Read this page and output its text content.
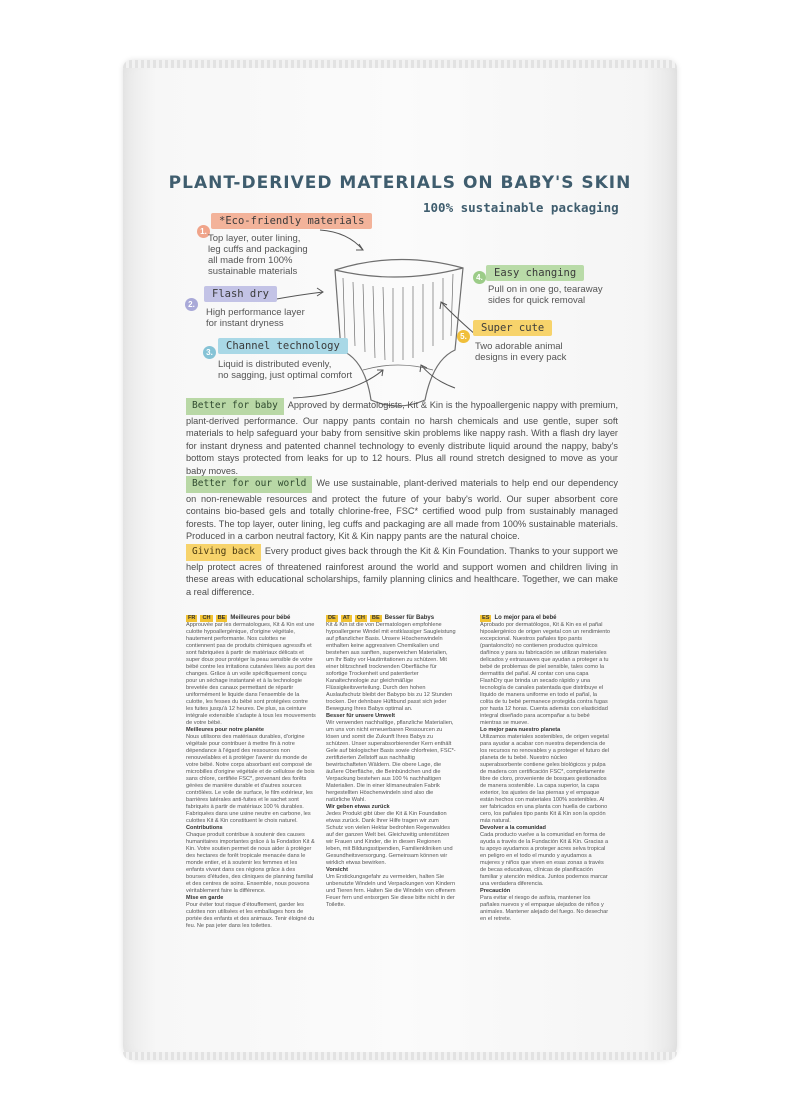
PLANT-DERIVED MATERIALS ON BABY'S SKIN
100% sustainable packaging
1.
*Eco-friendly materials
Top layer, outer lining,
leg cuffs and packaging
all made from 100%
sustainable materials
2.
Flash dry
High performance layer
for instant dryness
3.
Channel technology
Liquid is distributed evenly,
no sagging, just optimal comfort
4.	Easy changing
Pull on in one go, tearaway
sides for quick removal
5.
Super cute
Two adorable animal
designs in every pack
Better for baby Approved by dermatologists, Kit & Kin is the hypoallergenic nappy with premium, plant-derived performance. Our nappy pants contain no harsh chemicals and use gentle, super soft materials to help safeguard your baby from sensitive skin problems like nappy rash. With a flash dry layer for instant dryness and patented channel technology to evenly distribute liquid around the nappy, baby's bottom stays protected from leaks for up to 12 hours. Plus all round stretch designed to move as your baby moves.
Better for our world We use sustainable, plant-derived materials to help end our dependency on non-renewable resources and protect the future of your baby's world. Our super absorbent core contains bio-based gels and totally chlorine-free, FSC* certified wood pulp from sustainably managed forests. The top layer, outer lining, leg cuffs and packaging are all made from 100% sustainable materials. Produced in a carbon neutral factory, Kit & Kin nappy pants are the natural choice.
Giving back Every product gives back through the Kit & Kin Foundation. Thanks to your support we help protect acres of threatened rainforest around the world and support women and children living in these areas with educational scholarships, family planning clinics and healthcare. Together, we can make a real difference.
FR CH BE Meilleures pour bébé
Approuvée par les dermatologues, Kit & Kin est une culotte hypoallergénique, d'origine végétale, hautement performante. Nos culottes ne contiennent pas de produits chimiques agressifs et sont fabriquées à partir de matériaux délicats et super doux pour protéger la peau sensible de votre bébé contre les irritations cutanées liées au port des changes. Grâce à un voile spécifiquement conçu pour un séchage instantané et à la technologie brevetée des canaux permettant de répartir uniformément le liquide dans l'ensemble de la culotte, les fesses du bébé sont protégées contre les fuites jusqu'à 12 heures. De plus, sa ceinture intégrale extensible s'adapte à tous les mouvements de votre bébé.
Meilleures pour notre planète
Nous utilisons des matériaux durables, d'origine végétale pour contribuer à mettre fin à notre dépendance à l'égard des ressources non renouvelables et à protéger l'avenir du monde de votre bébé. Notre corps absorbant est composé de microbilles d'origine végétale et de cellulose de bois sans chlore, certifiée FSC*, provenant des forêts gérées de manière durable et d'autres sources contrôlées. Le voile de surface, le film extérieur, les barrières latérales anti-fuites et le sachet sont fabriqués à partir de matériaux 100 % durables. Fabriquées dans une usine neutre en carbone, les culottes Kit & Kin constituent le choix naturel.
Contributions
Chaque produit contribue à soutenir des causes humanitaires importantes grâce à la Fondation Kit & Kin. Votre soutien permet de nous aider à protéger des hectares de forêt tropicale menacée dans le monde entier, et à soutenir les femmes et les enfants vivant dans ces régions grâce à des bourses d'études, des cliniques de planning familial et des centres de soins. Ensemble, nous pouvons véritablement faire la différence.
Mise en garde
Pour éviter tout risque d'étouffement, garder les culottes non utilisées et les emballages hors de portée des enfants et des animaux. Tenir éloigné du feu. Ne pas jeter dans les toilettes.
DE AT CH BE Besser für Babys
Kit & Kin ist die von Dermatologen empfohlene hypoallergene Windel mit erstklassiger Saugleistung auf pflanzlicher Basis. Unsere Höschenwindeln enthalten keine aggressiven Chemikalien und bestehen aus sanften, superweichen Materialien, um Ihr Baby vor Hautirritationen zu schützen. Mit einer blitzschnell trocknenden Oberfläche für sofortige Trockenheit und patentierter Kanaltechnologie zur gleichmäßige Flüssigkeitsverteilung. Durch den hohen Auslaufschutz bleibt der Babypo bis zu 12 Stunden trocken. Der dehnbare Hüftbund passt sich jeder Bewegung Ihres Babys optimal an.
Besser für unsere Umwelt
Wir verwenden nachhaltige, pflanzliche Materialien, um uns von nicht erneuerbaren Ressourcen zu lösen und somit die Zukunft Ihres Babys zu schützen. Unser superabsorbierender Kern enthält Gele auf biologischer Basis sowie chlorfreien, FSC*-zertifizierten Zellstoff aus nachhaltig bewirtschafteten Wäldern. Die obere Lage, die äußere Oberfläche, die Beinbündchen und die Verpackung bestehen aus 100 % nachhaltigen Materialien. Die in einer klimaneutralen Fabrik hergestellten Höschenwindeln sind also die natürliche Wahl.
Wir geben etwas zurück
Jedes Produkt gibt über die Kit & Kin Foundation etwas zurück. Dank Ihrer Hilfe tragen wir zum Schutz von vielen Hektar bedrohten Regenwaldes auf der ganzen Welt bei. Gleichzeitig unterstützen wir Frauen und Kinder, die in diesen Regionen leben, mit Bildungsstipendien, Familienkliniken und Gesundheitsversorgung. Gemeinsam können wir wirklich etwas bewirken.
Vorsicht
Um Erstickungsgefahr zu vermeiden, halten Sie unbenutzte Windeln und Verpackungen von Kindern und Tieren fern. Halten Sie die Windeln von offenem Feuer fern und entsorgen Sie diese bitte nicht in der Toilette.
ES Lo mejor para el bebé
Aprobado por dermatólogos, Kit & Kin es el pañal hipoalergénico de origen vegetal con un rendimiento excepcional. Nuestros pañales tipo pants (pantaloncito) no contienen productos químicos dañinos y para su fabricación se utilizan materiales delicados y extrasuaves que ayudan a proteger a tu bebé de problemas de piel sensible, tales como la dermatitis del pañal. Al contar con una capa FlashDry que brinda un secado rápido y una tecnología de canales patentada que distribuye el líquido de manera uniforme en todo el pañal, la colita de tu bebé permanece protegida contra fugas por hasta 12 horas. Cuenta además con elasticidad integral diseñado para acompañar a tu bebé mientras se mueve.
Lo mejor para nuestro planeta
Utilizamos materiales sostenibles, de origen vegetal para ayudar a acabar con nuestra dependencia de los recursos no renovables y a proteger el futuro del planeta de tu bebé. Nuestro núcleo superabsorbente contiene geles biológicos y pulpa de madera con certificación FSC*, completamente libre de cloro, proveniente de bosques gestionados de manera sostenible. La capa superior, la capa exterior, los ajustes de las piernas y el empaque están hechos con materiales 100% sostenibles. Al ser fabricados en una planta con huella de carbono cero, los pañales tipo pants Kit & Kin son la opción más natural.
Devolver a la comunidad
Cada producto vuelve a la comunidad en forma de ayuda a través de la Fundación Kit & Kin. Gracias a tu apoyo ayudamos a proteger acres selva tropical en peligro en el todo el mundo y ayudamos a mujeres y niños que viven en esas zonas a través de becas educativas, clínicas de planificación familiar y atención médica. Juntos podemos marcar una verdadera diferencia.
Precaución
Para evitar el riesgo de asfixia, mantener los pañales nuevos y el empaque alejados de niños y animales. Mantener alejado del fuego. No desechar en el retrete.
